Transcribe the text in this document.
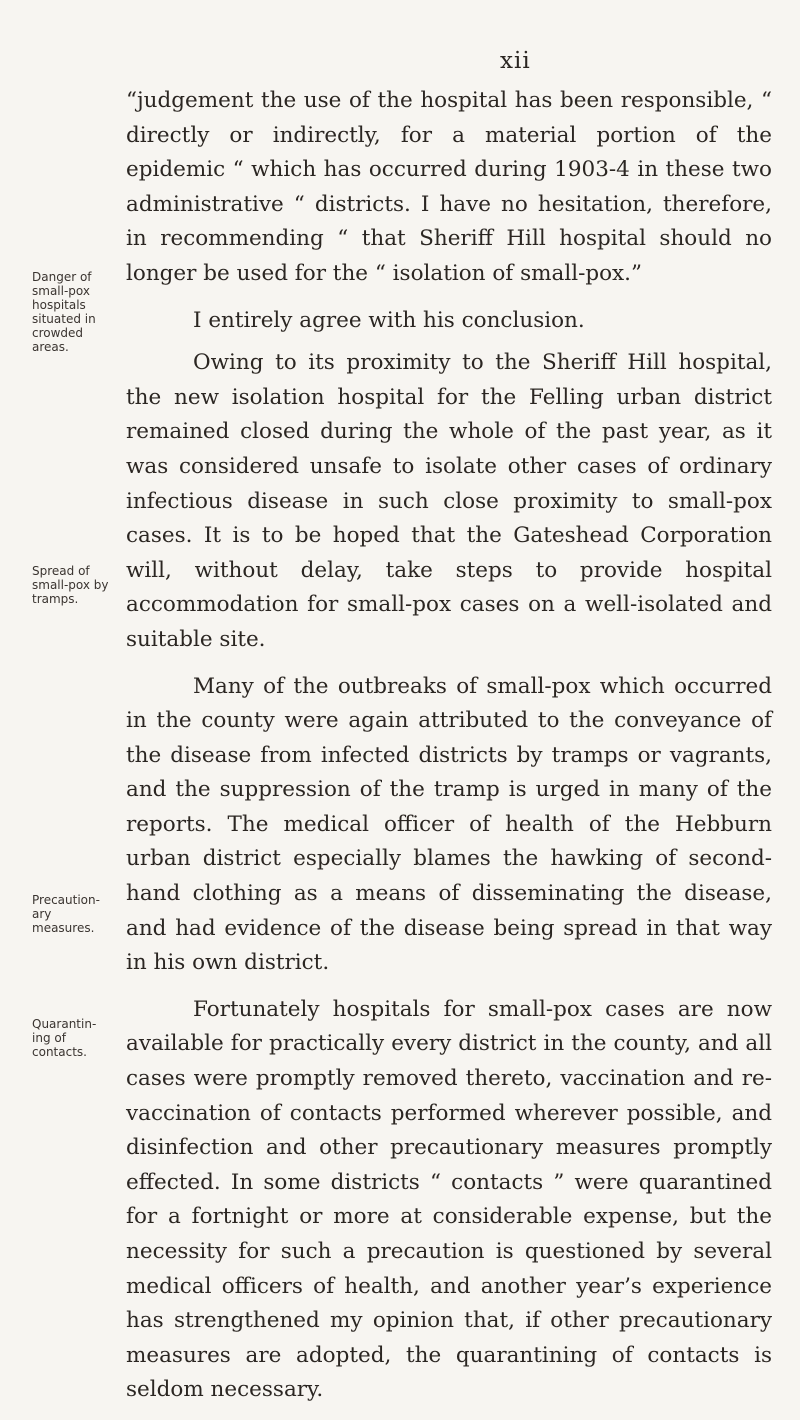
xii
Danger of
small-pox
hospitals
situated in
crowded
areas.
Spread of
small-pox by
tramps.
Precaution-
ary
measures.
Quarantin-
ing of
contacts.

“judgement the use of the hospital has been responsible, “ directly or indirectly, for a material portion of the epidemic “ which has occurred during 1903-4 in these two administrative “ districts. I have no hesitation, therefore, in recommending “ that Sheriff Hill hospital should no longer be used for the “ isolation of small-pox.”

I entirely agree with his conclusion.

Owing to its proximity to the Sheriff Hill hospital, the new isolation hospital for the Felling urban district remained closed during the whole of the past year, as it was considered unsafe to isolate other cases of ordinary infectious disease in such close proximity to small-pox cases. It is to be hoped that the Gateshead Corporation will, without delay, take steps to provide hospital accommodation for small-pox cases on a well-isolated and suitable site.

Many of the outbreaks of small-pox which occurred in the county were again attributed to the conveyance of the disease from infected districts by tramps or vagrants, and the suppression of the tramp is urged in many of the reports. The medical officer of health of the Hebburn urban district especially blames the hawking of second-hand clothing as a means of disseminating the disease, and had evidence of the disease being spread in that way in his own district.

Fortunately hospitals for small-pox cases are now available for practically every district in the county, and all cases were promptly removed thereto, vaccination and re-vaccination of contacts performed wherever possible, and disinfection and other precautionary measures promptly effected. In some districts “ contacts ” were quarantined for a fortnight or more at considerable expense, but the necessity for such a precaution is questioned by several medical officers of health, and another year’s experience has strengthened my opinion that, if other precautionary measures are adopted, the quarantining of contacts is seldom necessary.
